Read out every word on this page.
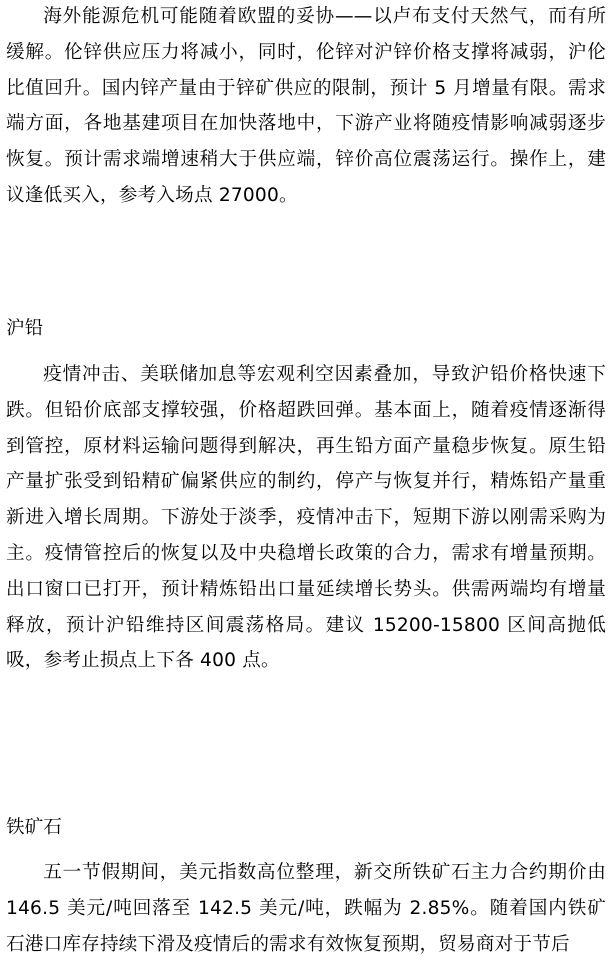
海外能源危机可能随着欧盟的妥协——以卢布支付天然气，而有所缓解。伦锌供应压力将减小，同时，伦锌对沪锌价格支撑将减弱，沪伦比值回升。国内锌产量由于锌矿供应的限制，预计 5 月增量有限。需求端方面，各地基建项目在加快落地中，下游产业将随疫情影响减弱逐步恢复。预计需求端增速稍大于供应端，锌价高位震荡运行。操作上，建议逢低买入，参考入场点 27000。

沪铅

疫情冲击、美联储加息等宏观利空因素叠加，导致沪铅价格快速下跌。但铅价底部支撑较强，价格超跌回弹。基本面上，随着疫情逐渐得到管控，原材料运输问题得到解决，再生铅方面产量稳步恢复。原生铅产量扩张受到铅精矿偏紧供应的制约，停产与恢复并行，精炼铅产量重新进入增长周期。下游处于淡季，疫情冲击下，短期下游以刚需采购为主。疫情管控后的恢复以及中央稳增长政策的合力，需求有增量预期。出口窗口已打开，预计精炼铅出口量延续增长势头。供需两端均有增量释放，预计沪铅维持区间震荡格局。建议 15200-15800 区间高抛低吸，参考止损点上下各 400 点。

铁矿石

五一节假期间，美元指数高位整理，新交所铁矿石主力合约期价由 146.5 美元/吨回落至 142.5 美元/吨，跌幅为 2.85%。随着国内铁矿石港口库存持续下滑及疫情后的需求有效恢复预期，贸易商对于节后
